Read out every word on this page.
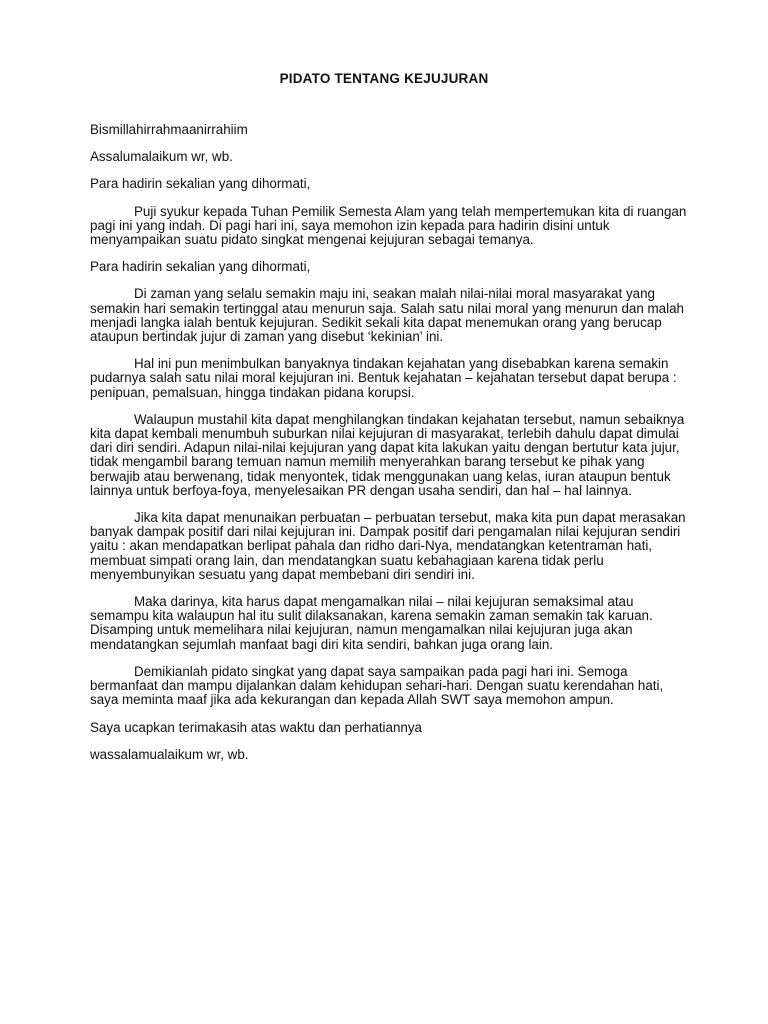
PIDATO TENTANG KEJUJURAN

Bismillahirrahmaanirrahiim

Assalumalaikum wr, wb.

Para hadirin sekalian yang dihormati,

Puji syukur kepada Tuhan Pemilik Semesta Alam yang telah mempertemukan kita di ruangan pagi ini yang indah. Di pagi hari ini, saya memohon izin kepada para hadirin disini untuk menyampaikan suatu pidato singkat mengenai kejujuran sebagai temanya.

Para hadirin sekalian yang dihormati,

Di zaman yang selalu semakin maju ini, seakan malah nilai-nilai moral masyarakat yang semakin hari semakin tertinggal atau menurun saja. Salah satu nilai moral yang menurun dan malah menjadi langka ialah bentuk kejujuran. Sedikit sekali kita dapat menemukan orang yang berucap ataupun bertindak jujur di zaman yang disebut ‘kekinian’ ini.

Hal ini pun menimbulkan banyaknya tindakan kejahatan yang disebabkan karena semakin pudarnya salah satu nilai moral kejujuran ini. Bentuk kejahatan – kejahatan tersebut dapat berupa : penipuan, pemalsuan, hingga tindakan pidana korupsi.

Walaupun mustahil kita dapat menghilangkan tindakan kejahatan tersebut, namun sebaiknya kita dapat kembali menumbuh suburkan nilai kejujuran di masyarakat, terlebih dahulu dapat dimulai dari diri sendiri. Adapun nilai-nilai kejujuran yang dapat kita lakukan yaitu dengan bertutur kata jujur, tidak mengambil barang temuan namun memilih menyerahkan barang tersebut ke pihak yang berwajib atau berwenang, tidak menyontek, tidak menggunakan uang kelas, iuran ataupun bentuk lainnya untuk berfoya-foya, menyelesaikan PR dengan usaha sendiri, dan hal – hal lainnya.

Jika kita dapat menunaikan perbuatan – perbuatan tersebut, maka kita pun dapat merasakan banyak dampak positif dari nilai kejujuran ini. Dampak positif dari pengamalan nilai kejujuran sendiri yaitu : akan mendapatkan berlipat pahala dan ridho dari-Nya, mendatangkan ketentraman hati, membuat simpati orang lain, dan mendatangkan suatu kebahagiaan karena tidak perlu menyembunyikan sesuatu yang dapat membebani diri sendiri ini.

Maka darinya, kita harus dapat mengamalkan nilai – nilai kejujuran semaksimal atau semampu kita walaupun hal itu sulit dilaksanakan, karena semakin zaman semakin tak karuan. Disamping untuk memelihara nilai kejujuran, namun mengamalkan nilai kejujuran juga akan mendatangkan sejumlah manfaat bagi diri kita sendiri, bahkan juga orang lain.

Demikianlah pidato singkat yang dapat saya sampaikan pada pagi hari ini. Semoga bermanfaat dan mampu dijalankan dalam kehidupan sehari-hari. Dengan suatu kerendahan hati, saya meminta maaf jika ada kekurangan dan kepada Allah SWT saya memohon ampun.

Saya ucapkan terimakasih atas waktu dan perhatiannya

wassalamualaikum wr, wb.
